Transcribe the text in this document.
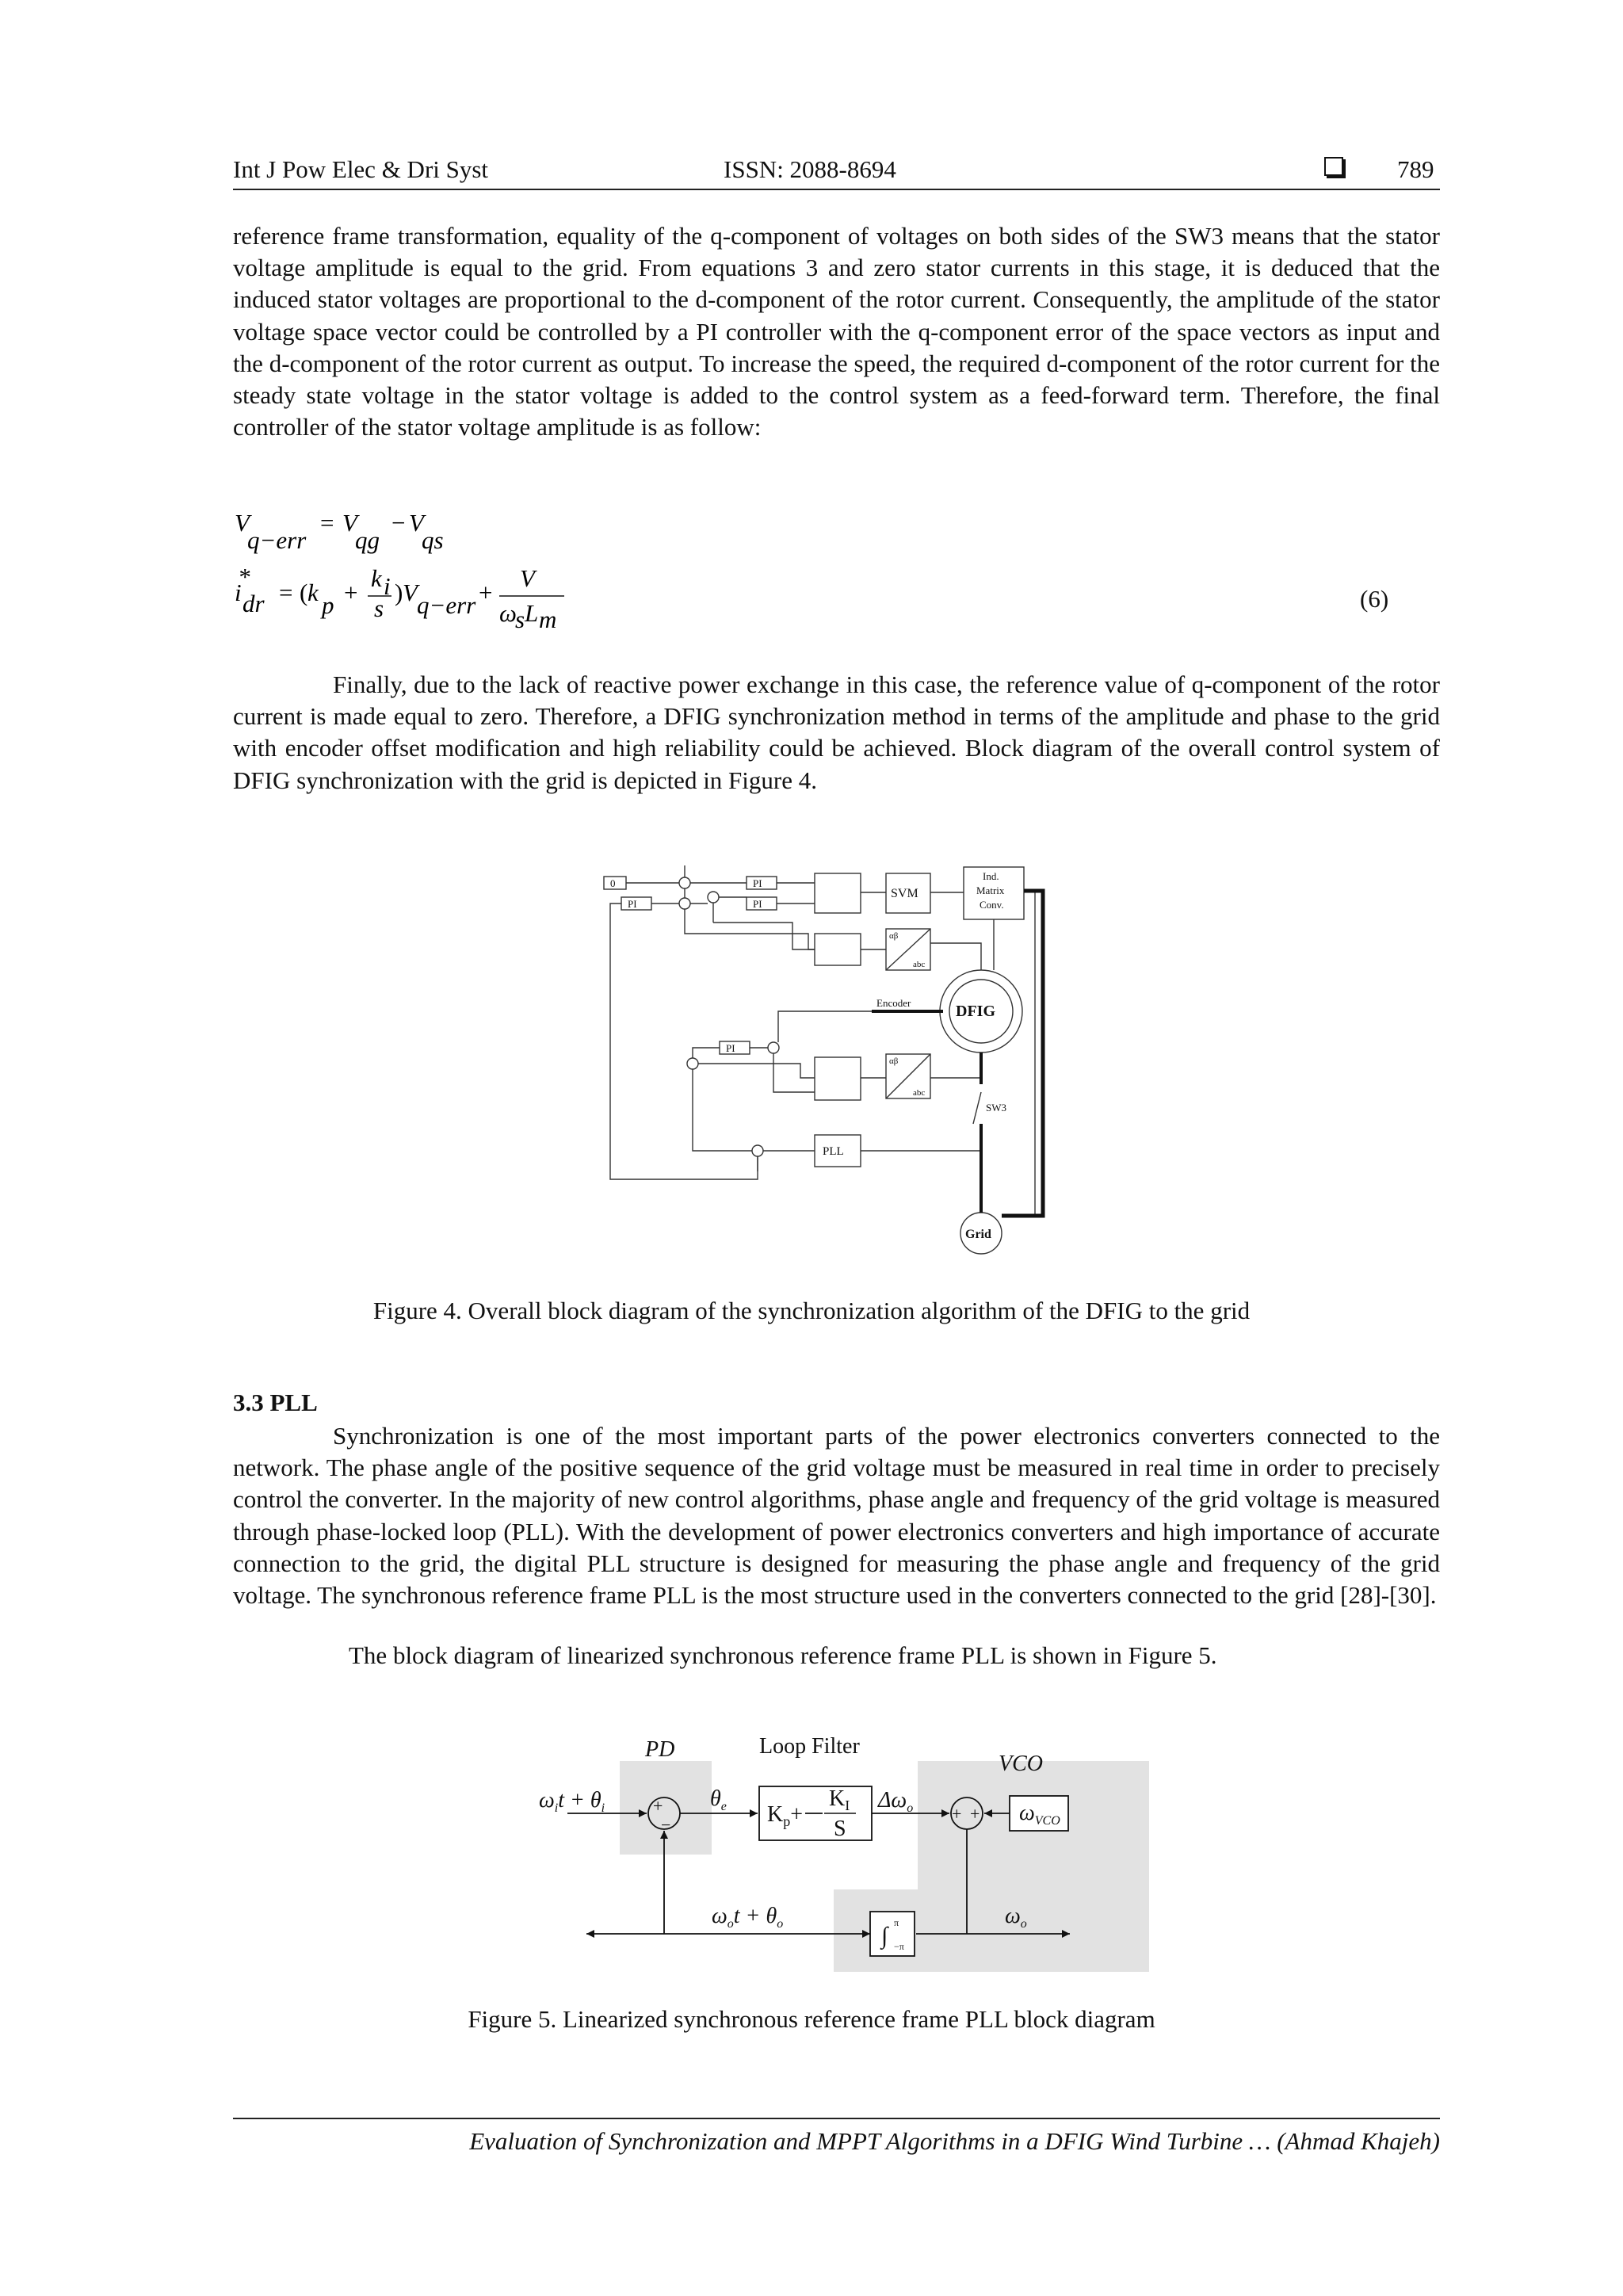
Int J Pow Elec & Dri Syst	ISSN: 2088-8694	789
reference frame transformation, equality of the q-component of voltages on both sides of the SW3 means that the stator voltage amplitude is equal to the grid. From equations 3 and zero stator currents in this stage, it is deduced that the induced stator voltages are proportional to the d-component of the rotor current. Consequently, the amplitude of the stator voltage space vector could be controlled by a PI controller with the q-component error of the space vectors as input and the d-component of the rotor current as output. To increase the speed, the required d-component of the rotor current for the steady state voltage in the stator voltage is added to the control system as a feed-forward term. Therefore, the final controller of the stator voltage amplitude is as follow:
V
q−err
= V
qg
− V
qs
*
i dr = ( k p +
k i
s
) V q−err +
V
ω
s L m
(6)
Finally, due to the lack of reactive power exchange in this case, the reference value of q-component of the rotor current is made equal to zero. Therefore, a DFIG synchronization method in terms of the amplitude and phase to the grid with encoder offset modification and high reliability could be achieved. Block diagram of the overall control system of DFIG synchronization with the grid is depicted in Figure 4.
0
PI
PI
PI
PI
SVM
Ind.
Matrix
Conv.
DFIG
Encoder
SW3
PLL
Grid
abc
abc
αβ
αβ
Figure 4. Overall block diagram of the synchronization algorithm of the DFIG to the grid
3.3 PLL
Synchronization is one of the most important parts of the power electronics converters connected to the network. The phase angle of the positive sequence of the grid voltage must be measured in real time in order to precisely control the converter. In the majority of new control algorithms, phase angle and frequency of the grid voltage is measured through phase-locked loop (PLL). With the development of power electronics converters and high importance of accurate connection to the grid, the digital PLL structure is designed for measuring the phase angle and frequency of the grid voltage. The synchronous reference frame PLL is the most structure used in the converters connected to the grid [28]-[30].
The block diagram of linearized synchronous reference frame PLL is shown in Figure 5.
PD	Loop Filter
VCO
$\omega_it + \theta_i$	+
−
$\theta_e$ $K_p+$
$K_I$
S
$\Delta\omega_o$ + + $\omega_{VCO}$
$\omega_ot + \theta_o$	$\omega_o$
∫ π
−π
Figure 5. Linearized synchronous reference frame PLL block diagram
Evaluation of Synchronization and MPPT Algorithms in a DFIG Wind Turbine … (Ahmad Khajeh)
